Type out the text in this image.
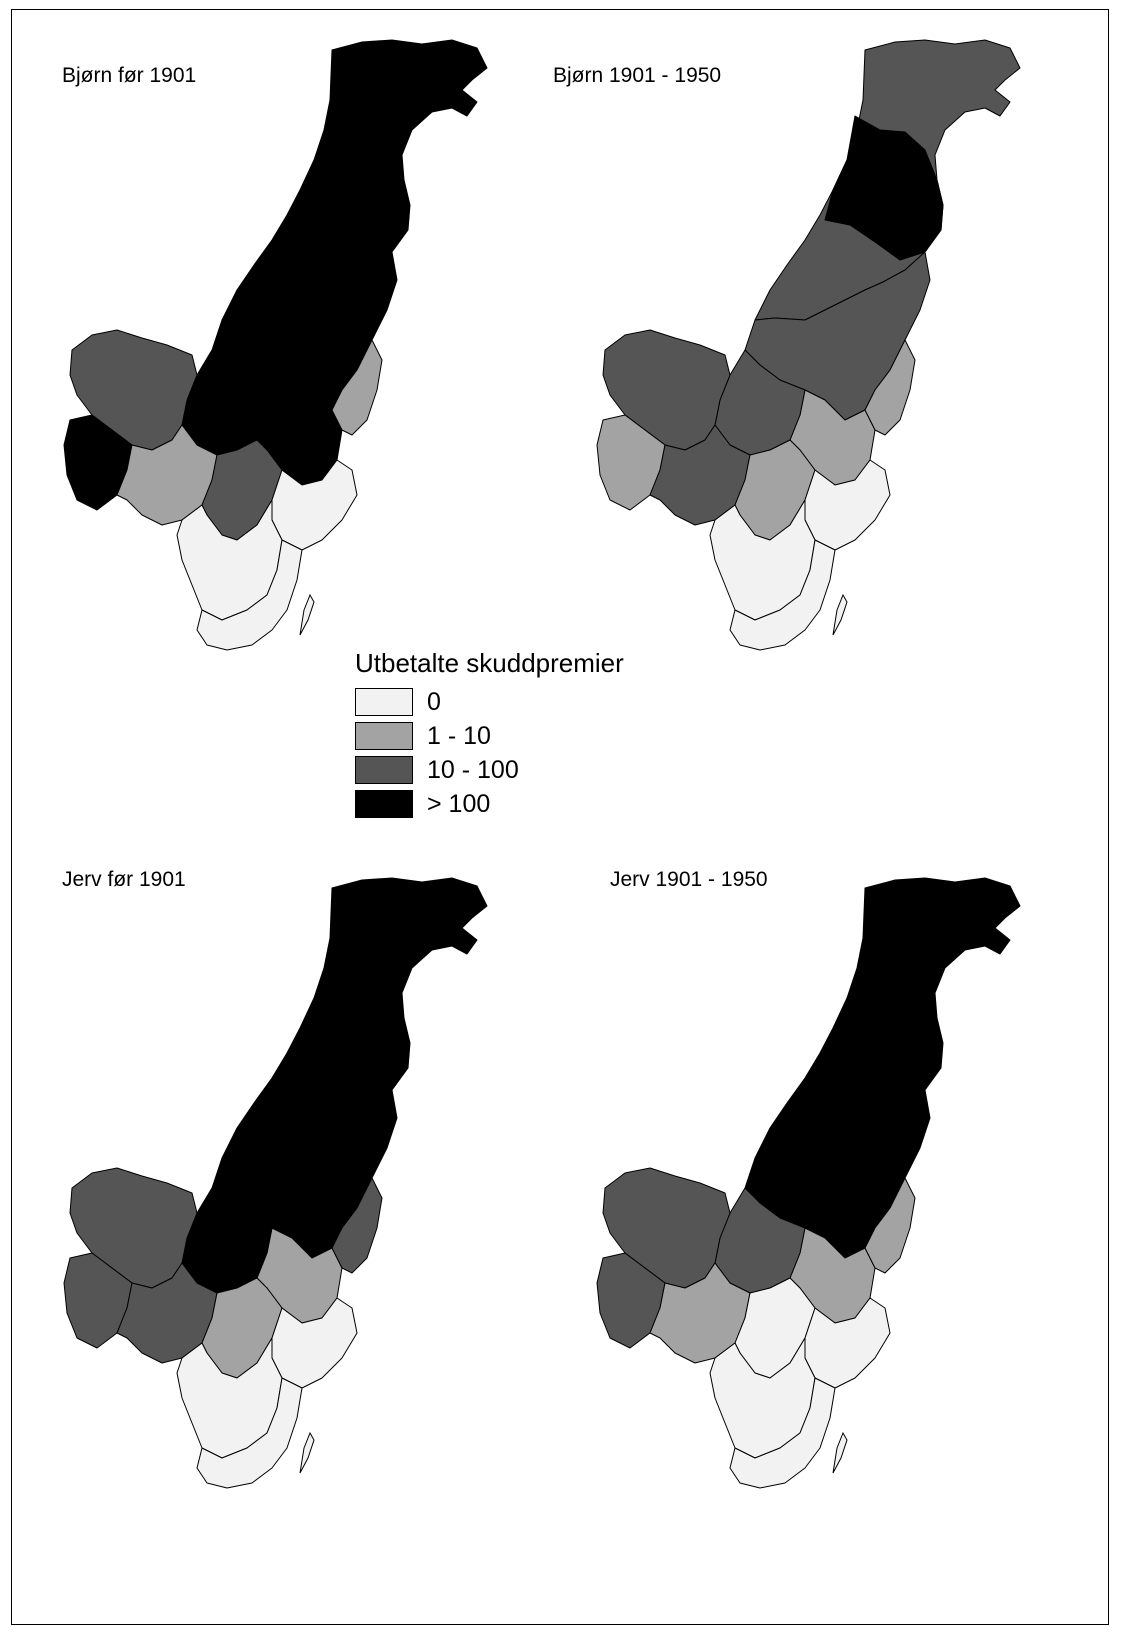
Bjørn før 1901	Bjørn 1901 - 1950
Jerv før 1901	Jerv 1901 - 1950
Utbetalte skuddpremier
0
1 - 10
10 - 100
> 100
